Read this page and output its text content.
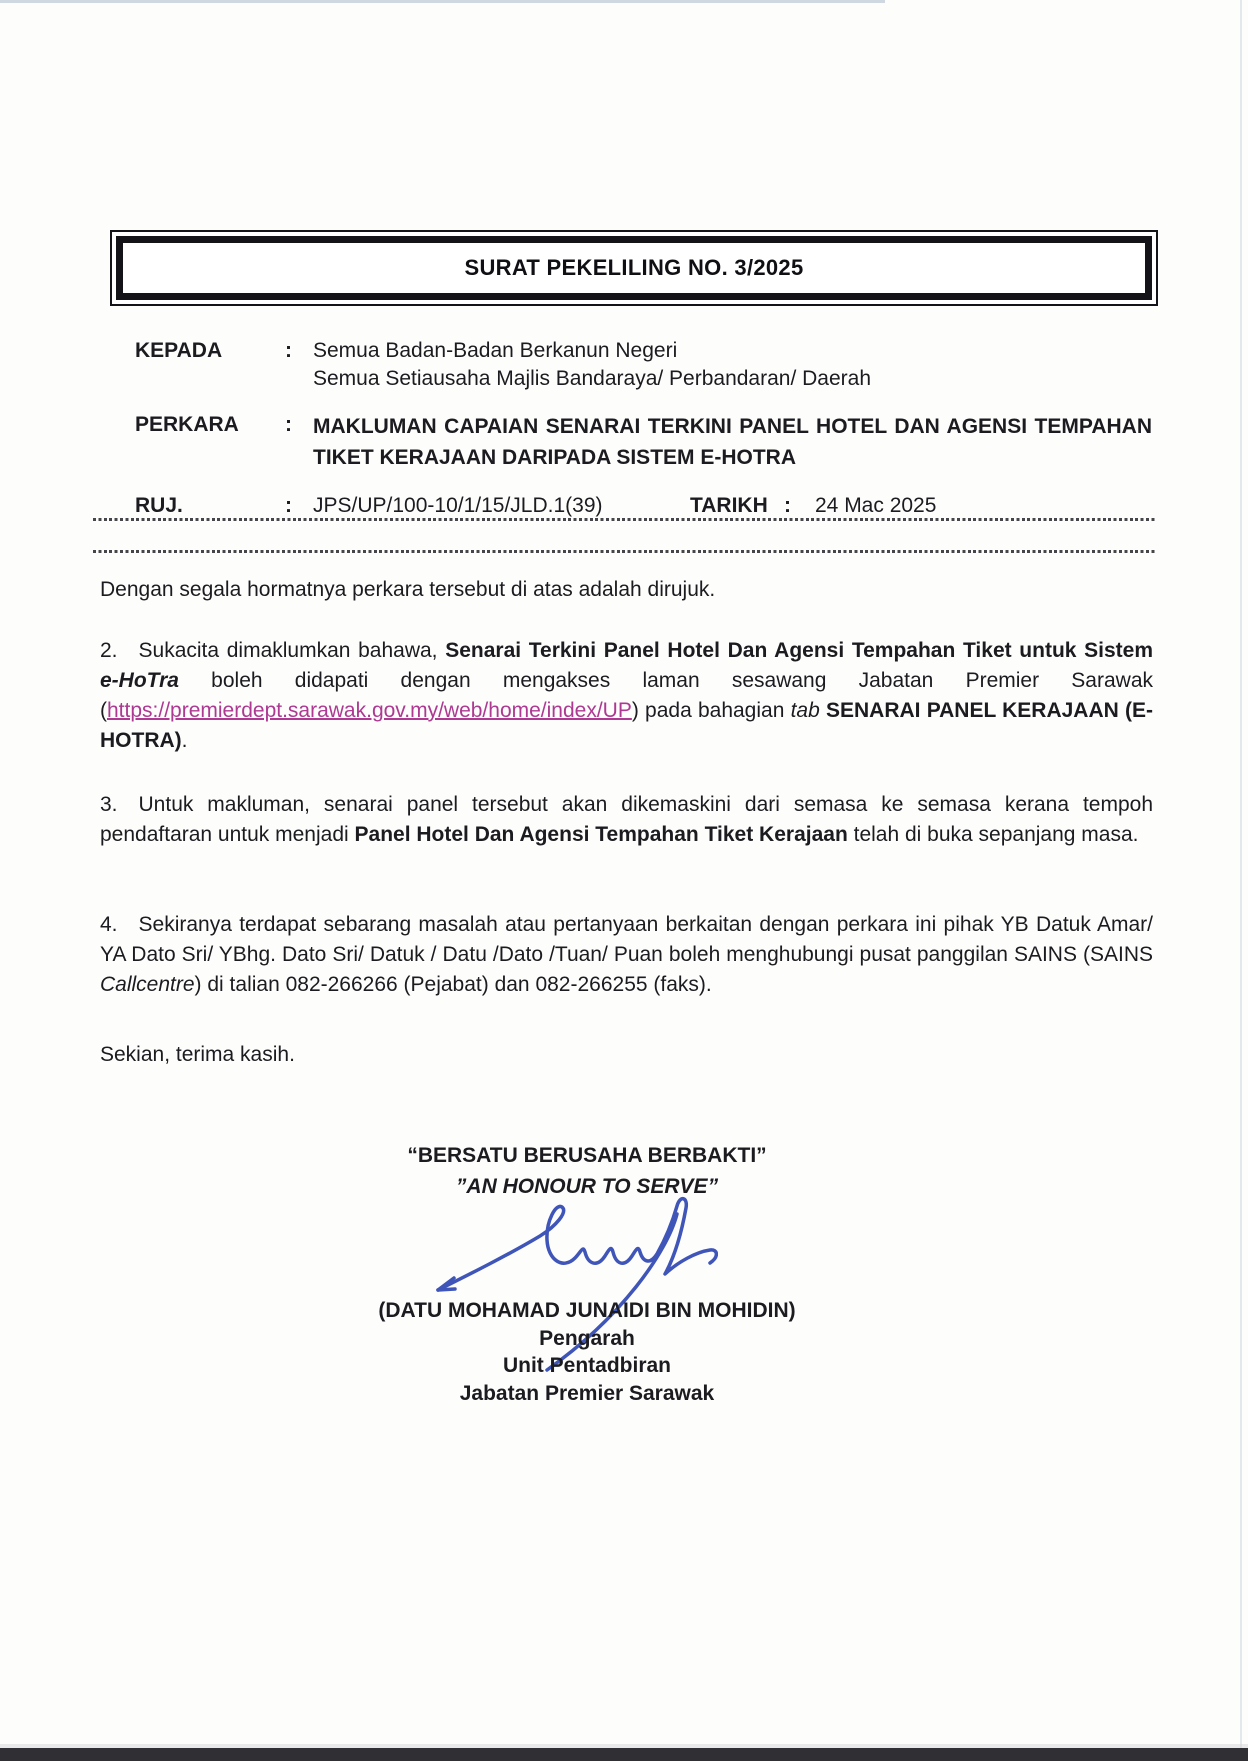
SURAT PEKELILING NO. 3/2025
KEPADA	: Semua Badan-Badan Berkanun Negeri
Semua Setiausaha Majlis Bandaraya/ Perbandaran/ Daerah
PERKARA : MAKLUMAN CAPAIAN SENARAI TERKINI PANEL HOTEL DAN AGENSI TEMPAHAN TIKET KERAJAAN DARIPADA SISTEM E-HOTRA
RUJ.	: JPS/UP/100-10/1/15/JLD.1(39)	TARIKH : 24 Mac 2025
Dengan segala hormatnya perkara tersebut di atas adalah dirujuk.
2. Sukacita dimaklumkan bahawa, Senarai Terkini Panel Hotel Dan Agensi Tempahan Tiket untuk Sistem e-HoTra boleh didapati dengan mengakses laman sesawang Jabatan Premier Sarawak (https://premierdept.sarawak.gov.my/web/home/index/UP) pada bahagian tab SENARAI PANEL KERAJAAN (E-HOTRA).
3. Untuk makluman, senarai panel tersebut akan dikemaskini dari semasa ke semasa kerana tempoh pendaftaran untuk menjadi Panel Hotel Dan Agensi Tempahan Tiket Kerajaan telah di buka sepanjang masa.
4. Sekiranya terdapat sebarang masalah atau pertanyaan berkaitan dengan perkara ini pihak YB Datuk Amar/ YA Dato Sri/ YBhg. Dato Sri/ Datuk / Datu /Dato /Tuan/ Puan boleh menghubungi pusat panggilan SAINS (SAINS Callcentre) di talian 082-266266 (Pejabat) dan 082-266255 (faks).
Sekian, terima kasih.
“BERSATU BERUSAHA BERBAKTI”
”AN HONOUR TO SERVE”
(DATU MOHAMAD JUNAIDI BIN MOHIDIN)
Pengarah
Unit Pentadbiran
Jabatan Premier Sarawak
